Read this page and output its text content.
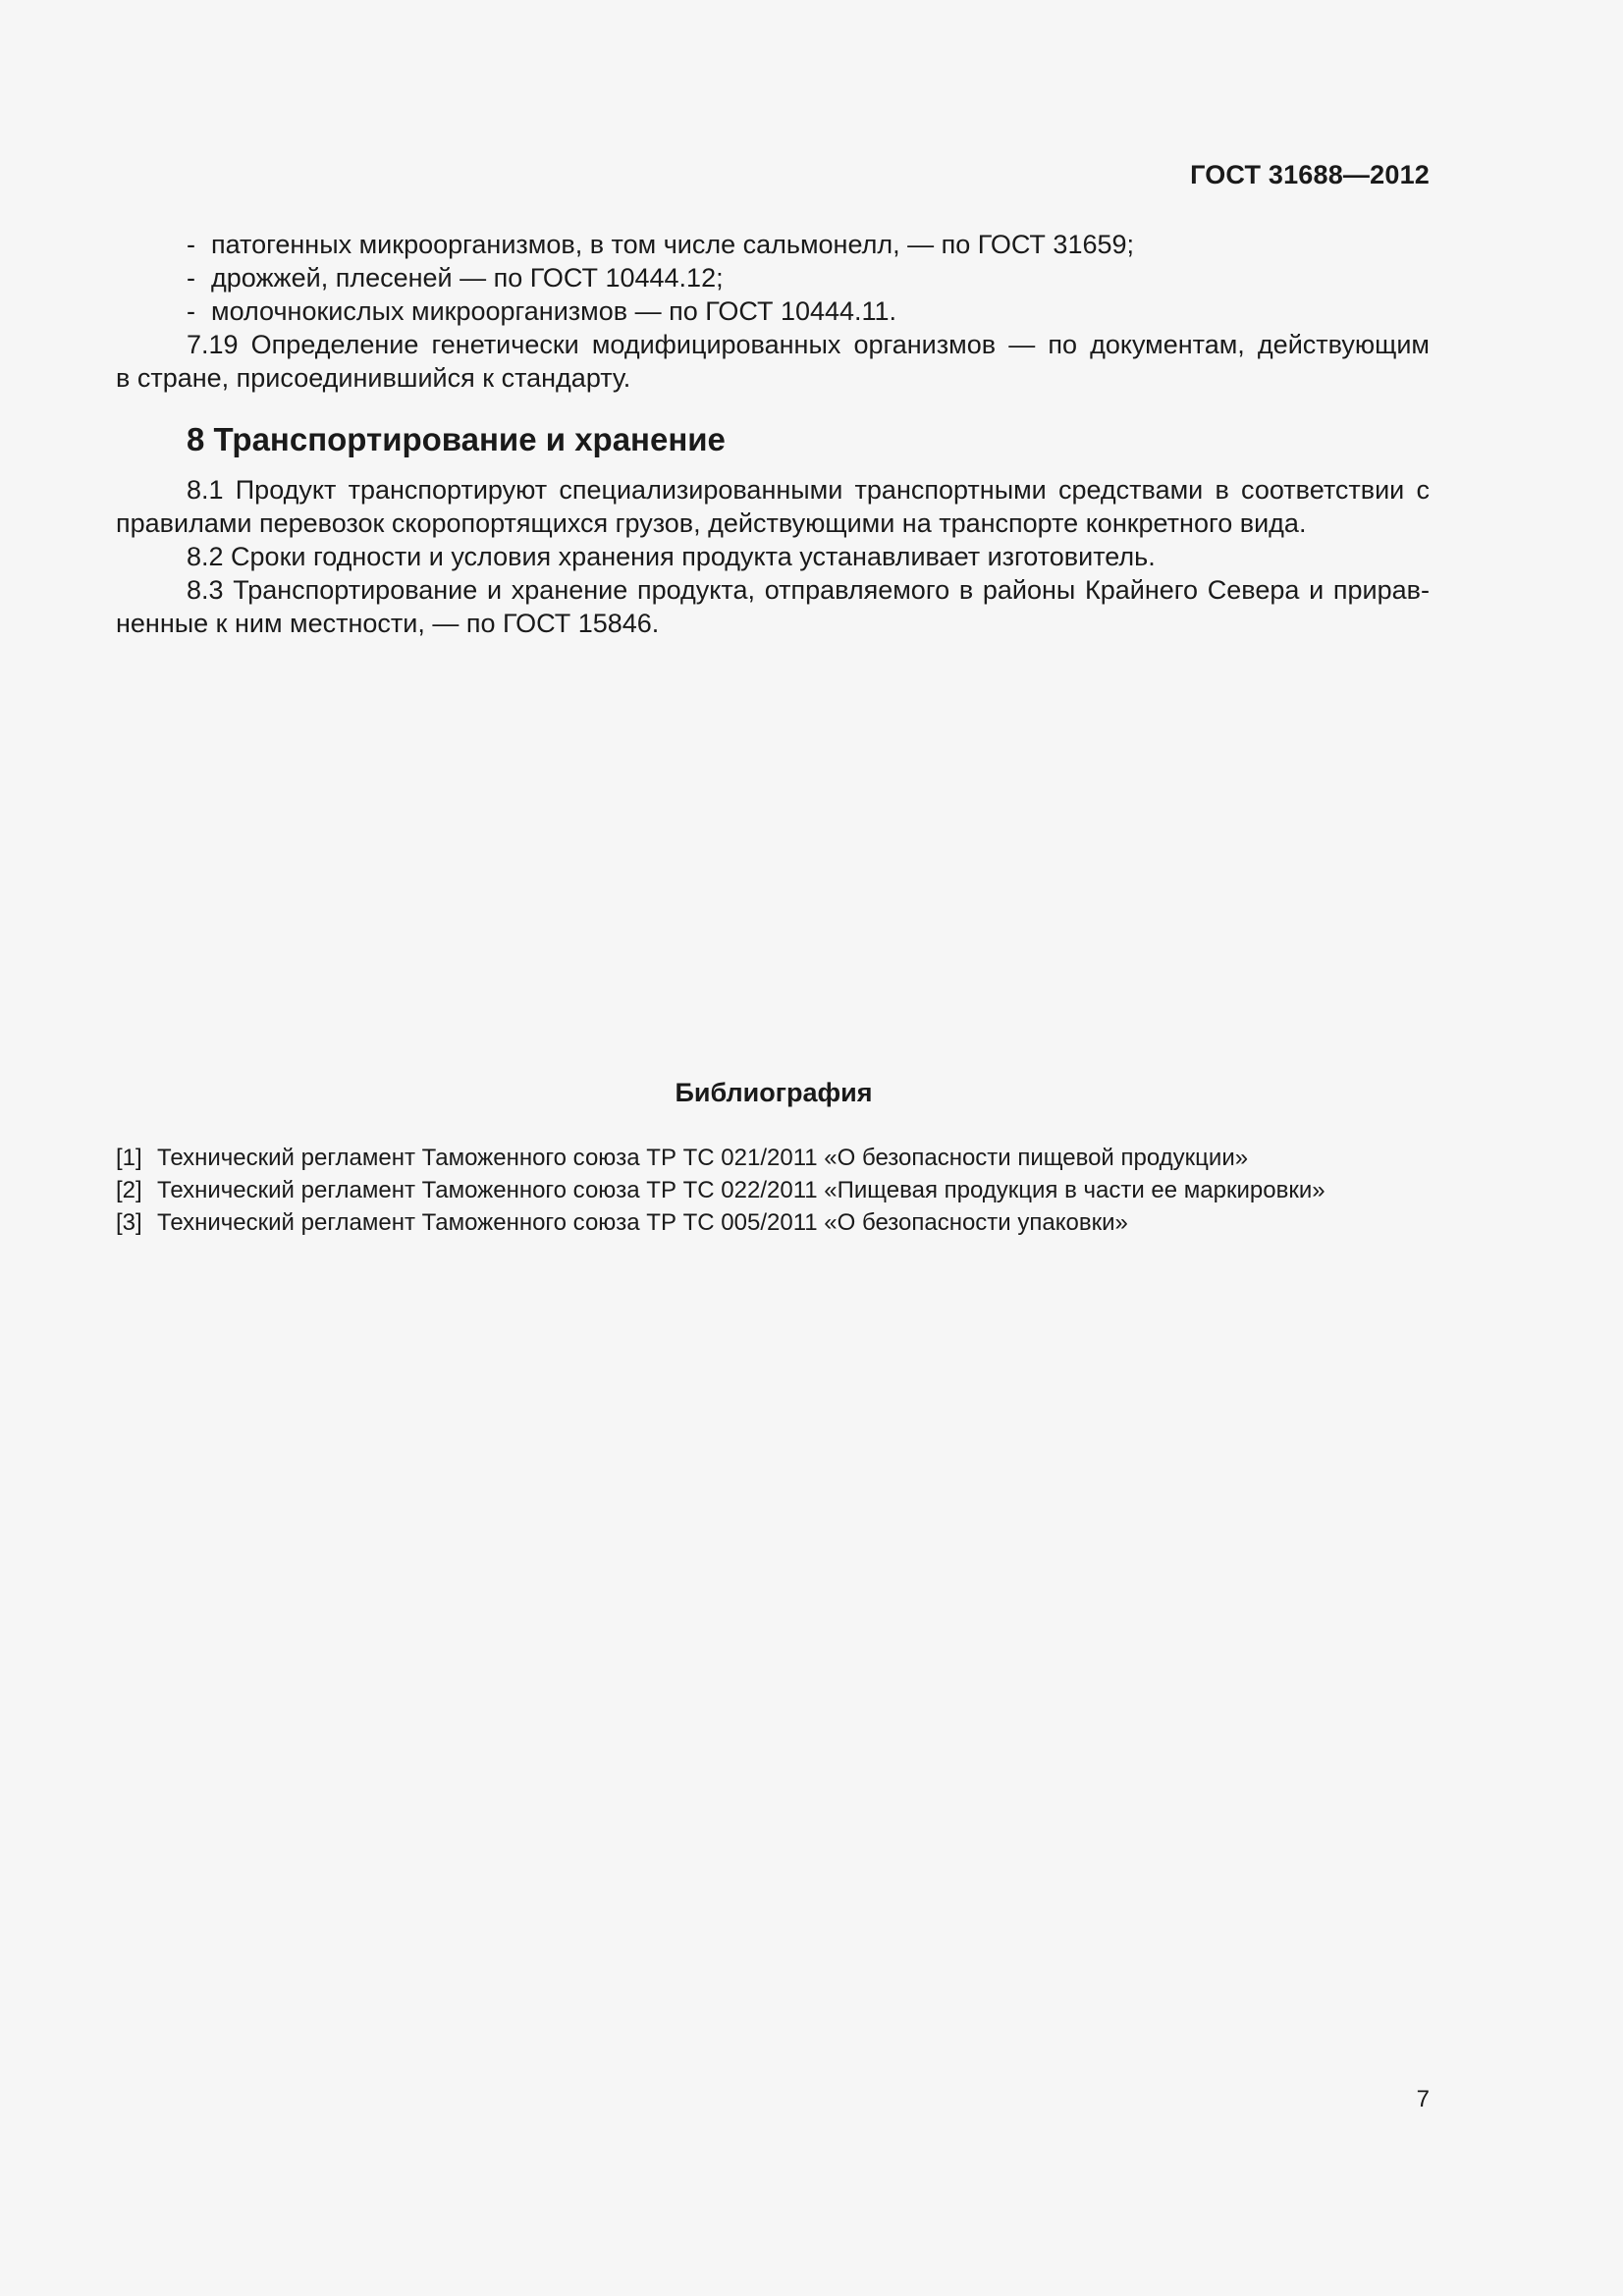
ГОСТ 31688—2012
- патогенных микроорганизмов, в том числе сальмонелл, — по ГОСТ 31659;
- дрожжей, плесеней — по ГОСТ 10444.12;
- молочнокислых микроорганизмов — по ГОСТ 10444.11.
7.19 Определение генетически модифицированных организмов — по документам, действующим
в стране, присоединившийся к стандарту.
8 Транспортирование и хранение
8.1 Продукт транспортируют специализированными транспортными средствами в соответствии с
правилами перевозок скоропортящихся грузов, действующими на транспорте конкретного вида.
8.2 Сроки годности и условия хранения продукта устанавливает изготовитель.
8.3 Транспортирование и хранение продукта, отправляемого в районы Крайнего Севера и прирав-
ненные к ним местности, — по ГОСТ 15846.
Библиография
[1] Технический регламент Таможенного союза ТР ТС 021/2011 «О безопасности пищевой продукции»
[2] Технический регламент Таможенного союза ТР ТС 022/2011 «Пищевая продукция в части ее маркировки»
[3] Технический регламент Таможенного союза ТР ТС 005/2011 «О безопасности упаковки»
7
